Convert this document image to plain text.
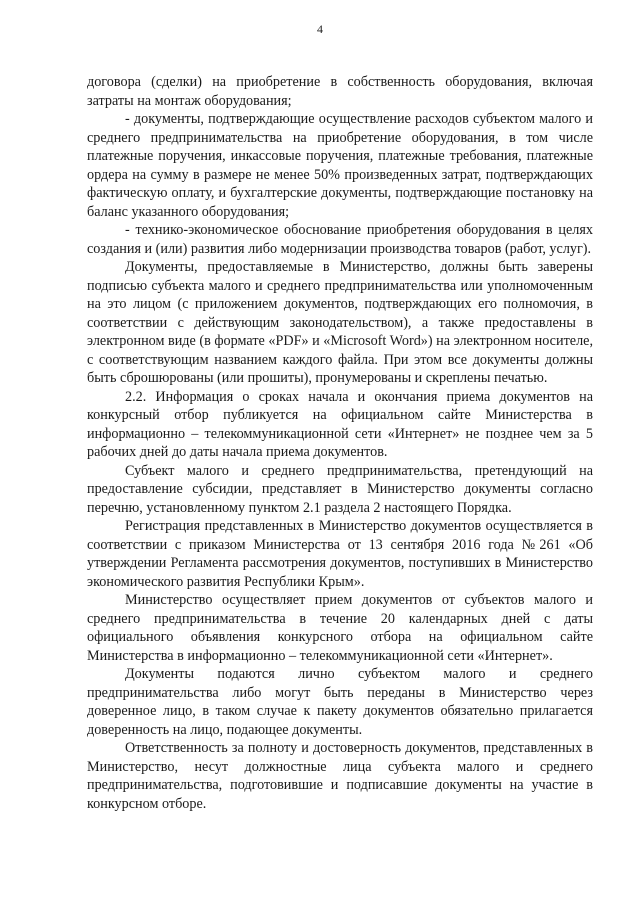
4

договора (сделки) на приобретение в собственность оборудования, включая затраты на монтаж оборудования;

- документы, подтверждающие осуществление расходов субъектом малого и среднего предпринимательства на приобретение оборудования, в том числе платежные поручения, инкассовые поручения, платежные требования, платежные ордера на сумму в размере не менее 50% произведенных затрат, подтверждающих фактическую оплату, и бухгалтерские документы, подтверждающие постановку на баланс указанного оборудования;

- технико-экономическое обоснование приобретения оборудования в целях создания и (или) развития либо модернизации производства товаров (работ, услуг).

Документы, предоставляемые в Министерство, должны быть заверены подписью субъекта малого и среднего предпринимательства или уполномоченным на это лицом (с приложением документов, подтверждающих его полномочия, в соответствии с действующим законодательством), а также предоставлены в электронном виде (в формате «PDF» и «Microsoft Word») на электронном носителе, с соответствующим названием каждого файла. При этом все документы должны быть сброшюрованы (или прошиты), пронумерованы и скреплены печатью.

2.2. Информация о сроках начала и окончания приема документов на конкурсный отбор публикуется на официальном сайте Министерства в информационно – телекоммуникационной сети «Интернет» не позднее чем за 5 рабочих дней до даты начала приема документов.

Субъект малого и среднего предпринимательства, претендующий на предоставление субсидии, представляет в Министерство документы согласно перечню, установленному пунктом 2.1 раздела 2 настоящего Порядка.

Регистрация представленных в Министерство документов осуществляется в соответствии с приказом Министерства от 13 сентября 2016 года №261 «Об утверждении Регламента рассмотрения документов, поступивших в Министерство экономического развития Республики Крым».

Министерство осуществляет прием документов от субъектов малого и среднего предпринимательства в течение 20 календарных дней с даты официального объявления конкурсного отбора на официальном сайте Министерства в информационно – телекоммуникационной сети «Интернет».

Документы подаются лично субъектом малого и среднего предпринимательства либо могут быть переданы в Министерство через доверенное лицо, в таком случае к пакету документов обязательно прилагается доверенность на лицо, подающее документы.

Ответственность за полноту и достоверность документов, представленных в Министерство, несут должностные лица субъекта малого и среднего предпринимательства, подготовившие и подписавшие документы на участие в конкурсном отборе.
